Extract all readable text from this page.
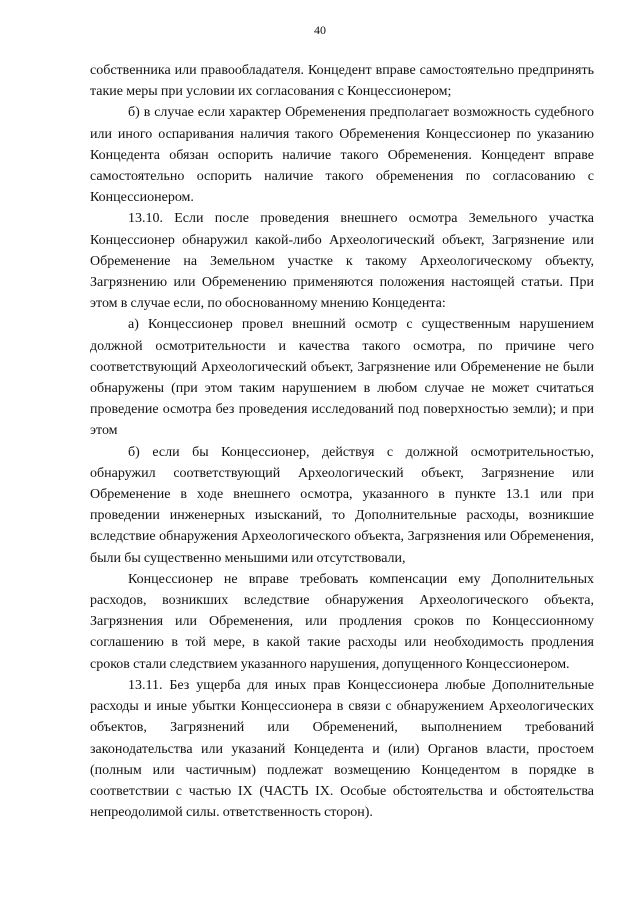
40

собственника или правообладателя. Концедент вправе самостоятельно предпринять такие меры при условии их согласования с Концессионером;

б) в случае если характер Обременения предполагает возможность судебного или иного оспаривания наличия такого Обременения Концессионер по указанию Концедента обязан оспорить наличие такого Обременения. Концедент вправе самостоятельно оспорить наличие такого обременения по согласованию с Концессионером.

13.10. Если после проведения внешнего осмотра Земельного участка Концессионер обнаружил какой-либо Археологический объект, Загрязнение или Обременение на Земельном участке к такому Археологическому объекту, Загрязнению или Обременению применяются положения настоящей статьи. При этом в случае если, по обоснованному мнению Концедента:

а) Концессионер провел внешний осмотр с существенным нарушением должной осмотрительности и качества такого осмотра, по причине чего соответствующий Археологический объект, Загрязнение или Обременение не были обнаружены (при этом таким нарушением в любом случае не может считаться проведение осмотра без проведения исследований под поверхностью земли); и при этом

б) если бы Концессионер, действуя с должной осмотрительностью, обнаружил соответствующий Археологический объект, Загрязнение или Обременение в ходе внешнего осмотра, указанного в пункте 13.1 или при проведении инженерных изысканий, то Дополнительные расходы, возникшие вследствие обнаружения Археологического объекта, Загрязнения или Обременения, были бы существенно меньшими или отсутствовали,

Концессионер не вправе требовать компенсации ему Дополнительных расходов, возникших вследствие обнаружения Археологического объекта, Загрязнения или Обременения, или продления сроков по Концессионному соглашению в той мере, в какой такие расходы или необходимость продления сроков стали следствием указанного нарушения, допущенного Концессионером.

13.11. Без ущерба для иных прав Концессионера любые Дополнительные расходы и иные убытки Концессионера в связи с обнаружением Археологических объектов, Загрязнений или Обременений, выполнением требований законодательства или указаний Концедента и (или) Органов власти, простоем (полным или частичным) подлежат возмещению Концедентом в порядке в соответствии с частью IX (ЧАСТЬ IX. Особые обстоятельства и обстоятельства непреодолимой силы. ответственность сторон).
